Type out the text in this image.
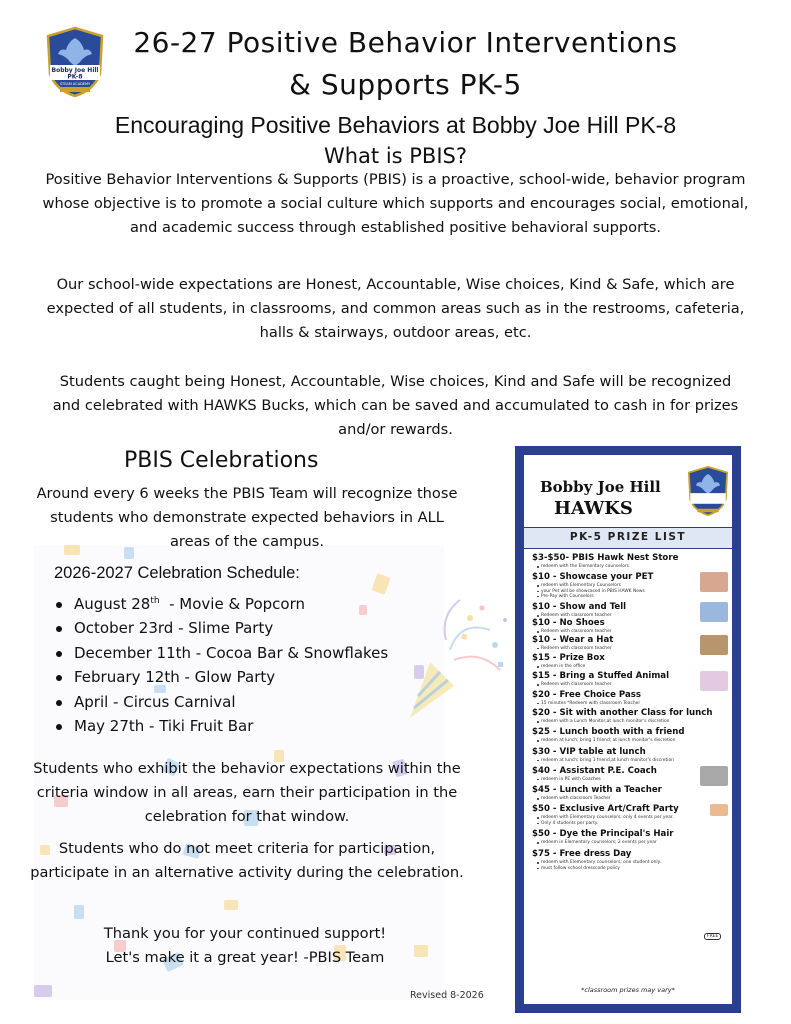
Bobby Joe Hill
PK-8
STEAM ACADEMY
26-27 Positive Behavior Interventions
& Supports PK-5
Encouraging Positive Behaviors at Bobby Joe Hill PK-8
What is PBIS?
Positive Behavior Interventions & Supports (PBIS) is a proactive, school-wide, behavior program whose objective is to promote a social culture which supports and encourages social, emotional, and academic success through established positive behavioral supports.
Our school-wide expectations are Honest, Accountable, Wise choices, Kind & Safe, which are expected of all students, in classrooms, and common areas such as in the restrooms, cafeteria, halls & stairways, outdoor areas, etc.
Students caught being Honest, Accountable, Wise choices, Kind and Safe will be recognized and celebrated with HAWKS Bucks, which can be saved and accumulated to cash in for prizes and/or rewards.
PBIS Celebrations
Around every 6 weeks the PBIS Team will recognize those students who demonstrate expected behaviors in ALL areas of the campus.
2026-2027 Celebration Schedule:
August 28th  - Movie & Popcorn
October 23rd - Slime Party
December 11th - Cocoa Bar & Snowflakes
February 12th - Glow Party
April - Circus Carnival
May 27th - Tiki Fruit Bar
Students who exhibit the behavior expectations within the criteria window in all areas, earn their participation in the celebration for that window.
Students who do not meet criteria for participation, participate in an alternative activity during the celebration.
Thank you for your continued support!
Let's make it a great year! -PBIS Team
Revised 8-2026
Bobby Joe Hill
HAWKS
PK-5 PRIZE LIST
$3-$50- PBIS Hawk Nest Store
redeem with the Elementary counselors
$10 - Showcase your PET
redeem with Elementary Counselors
your Pet will be showcased in PBIS HAWK News
Pre-Pay with Counselors
$10 - Show and Tell
Redeem with classroom teacher
$10 - No Shoes
Redeem with classroom teacher
$10 - Wear a Hat
Redeem with classroom teacher
$15 - Prize Box
redeem in the office
$15 - Bring a Stuffed Animal
Redeem with classroom teacher
$20 - Free Choice Pass
15 minutes *Redeem with classroom Teacher
$20 - Sit with another Class for lunch
redeem with a Lunch Monitor,at lunch monitor's discretion
$25 - Lunch booth with a friend
redeem at lunch; bring 1 friend; at lunch monitor's discretion
$30 - VIP table at lunch
redeem at lunch; bring 1 friend,at lunch monitor's discretion
$40 - Assistant P.E. Coach
redeem in PE with Coaches
$45 - Lunch with a Teacher
redeem with classroom Teacher
$50 - Exclusive Art/Craft Party
redeem with Elementary counselors; only 4 events per year.
Only 4 students per party.
$50 - Dye the Principal's Hair
redeem in Elementary counselors; 2 events per year
$75 - Free dress Day
redeem with Elementary counselors; one student only.
must follow school dresscode policy
FREE
*classroom prizes may vary*
